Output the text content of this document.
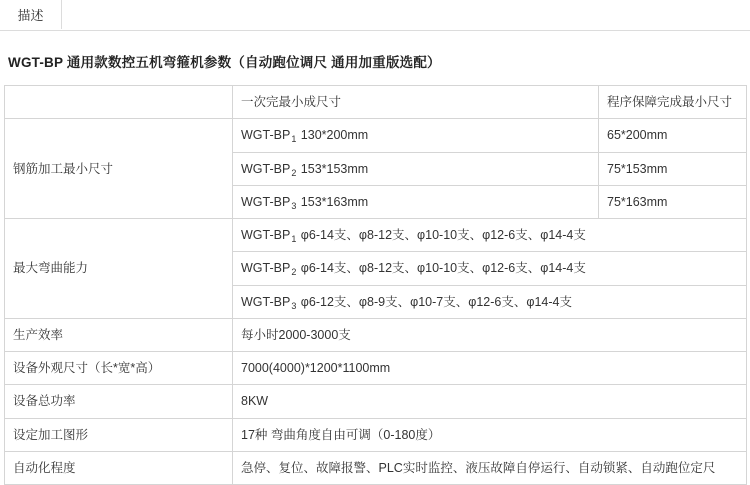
描述
WGT-BP 通用款数控五机弯箍机参数（自动跑位调尺 通用加重版选配）
	一次完最小成尺寸	程序保障完成最小尺寸
钢筋加工最小尺寸	WGT-$BP_1$ 130*200mm	65*200mm
	WGT-$BP_2$ 153*153mm	75*153mm
	WGT-$BP_3$ 153*163mm	75*163mm
最大弯曲能力	WGT-$BP_1$ φ6-14支、φ8-12支、φ10-10支、φ12-6支、φ14-4支	
	WGT-$BP_2$ φ6-14支、φ8-12支、φ10-10支、φ12-6支、φ14-4支	
	WGT-$BP_3$ φ6-12支、φ8-9支、φ10-7支、φ12-6支、φ14-4支	
生产效率	每小时2000-3000支	
设备外观尺寸（长*宽*高）	7000(4000)*1200*1100mm	
设备总功率	8KW	
设定加工图形	17种 弯曲角度自由可调（0-180度）	
自动化程度	急停、复位、故障报警、PLC实时监控、液压故障自停运行、自动锁紧、自动跑位定尺	
